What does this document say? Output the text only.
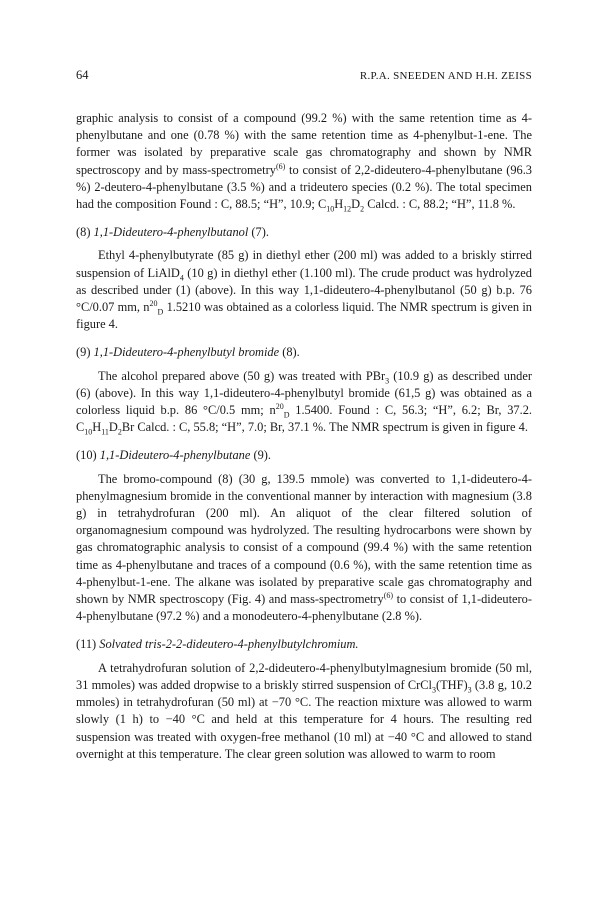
64	R.P.A. SNEEDEN AND H.H. ZEISS

graphic analysis to consist of a compound (99.2 %) with the same retention time as 4-phenylbutane and one (0.78 %) with the same retention time as 4-phenylbut-1-ene. The former was isolated by preparative scale gas chromatography and shown by NMR spectroscopy and by mass-spectrometry$^{(6)}$ to consist of 2,2-dideutero-4-phenylbutane (96.3 %) 2-deutero-4-phenylbutane (3.5 %) and a trideutero species (0.2 %). The total specimen had the composition Found : C, 88.5; “H”, 10.9; $C_{10}H_{12}D_2$ Calcd. : C, 88.2; “H”, 11.8 %.

(8) 1,1-Dideutero-4-phenylbutanol (7).

Ethyl 4-phenylbutyrate (85 g) in diethyl ether (200 ml) was added to a briskly stirred suspension of LiAlD$_4$ (10 g) in diethyl ether (1.100 ml). The crude product was hydrolyzed as described under (1) (above). In this way 1,1-dideutero-4-phenylbutanol (50 g) b.p. 76 °C/0.07 mm, $n^{20}_D$ 1.5210 was obtained as a colorless liquid. The NMR spectrum is given in figure 4.

(9) 1,1-Dideutero-4-phenylbutyl bromide (8).

The alcohol prepared above (50 g) was treated with PBr$_3$ (10.9 g) as described under (6) (above). In this way 1,1-dideutero-4-phenylbutyl bromide (61,5 g) was obtained as a colorless liquid b.p. 86 °C/0.5 mm; $n^{20}_D$ 1.5400. Found : C, 56.3; “H”, 6.2; Br, 37.2. $C_{10}H_{11}D_2Br$ Calcd. : C, 55.8; “H”, 7.0; Br, 37.1 %. The NMR spectrum is given in figure 4.

(10) 1,1-Dideutero-4-phenylbutane (9).

The bromo-compound (8) (30 g, 139.5 mmole) was converted to 1,1-dideutero-4-phenylmagnesium bromide in the conventional manner by interaction with magnesium (3.8 g) in tetrahydrofuran (200 ml). An aliquot of the clear filtered solution of organomagnesium compound was hydrolyzed. The resulting hydrocarbons were shown by gas chromatographic analysis to consist of a compound (99.4 %) with the same retention time as 4-phenylbutane and traces of a compound (0.6 %), with the same retention time as 4-phenylbut-1-ene. The alkane was isolated by preparative scale gas chromatography and shown by NMR spectroscopy (Fig. 4) and mass-spectrometry$^{(6)}$ to consist of 1,1-dideutero-4-phenylbutane (97.2 %) and a monodeutero-4-phenylbutane (2.8 %).

(11) Solvated tris-2-2-dideutero-4-phenylbutylchromium.

A tetrahydrofuran solution of 2,2-dideutero-4-phenylbutylmagnesium bromide (50 ml, 31 mmoles) was added dropwise to a briskly stirred suspension of $CrCl_3(THF)_3$ (3.8 g, 10.2 mmoles) in tetrahydrofuran (50 ml) at −70 °C. The reaction mixture was allowed to warm slowly (1 h) to −40 °C and held at this temperature for 4 hours. The resulting red suspension was treated with oxygen-free methanol (10 ml) at −40 °C and allowed to stand overnight at this temperature. The clear green solution was allowed to warm to room
